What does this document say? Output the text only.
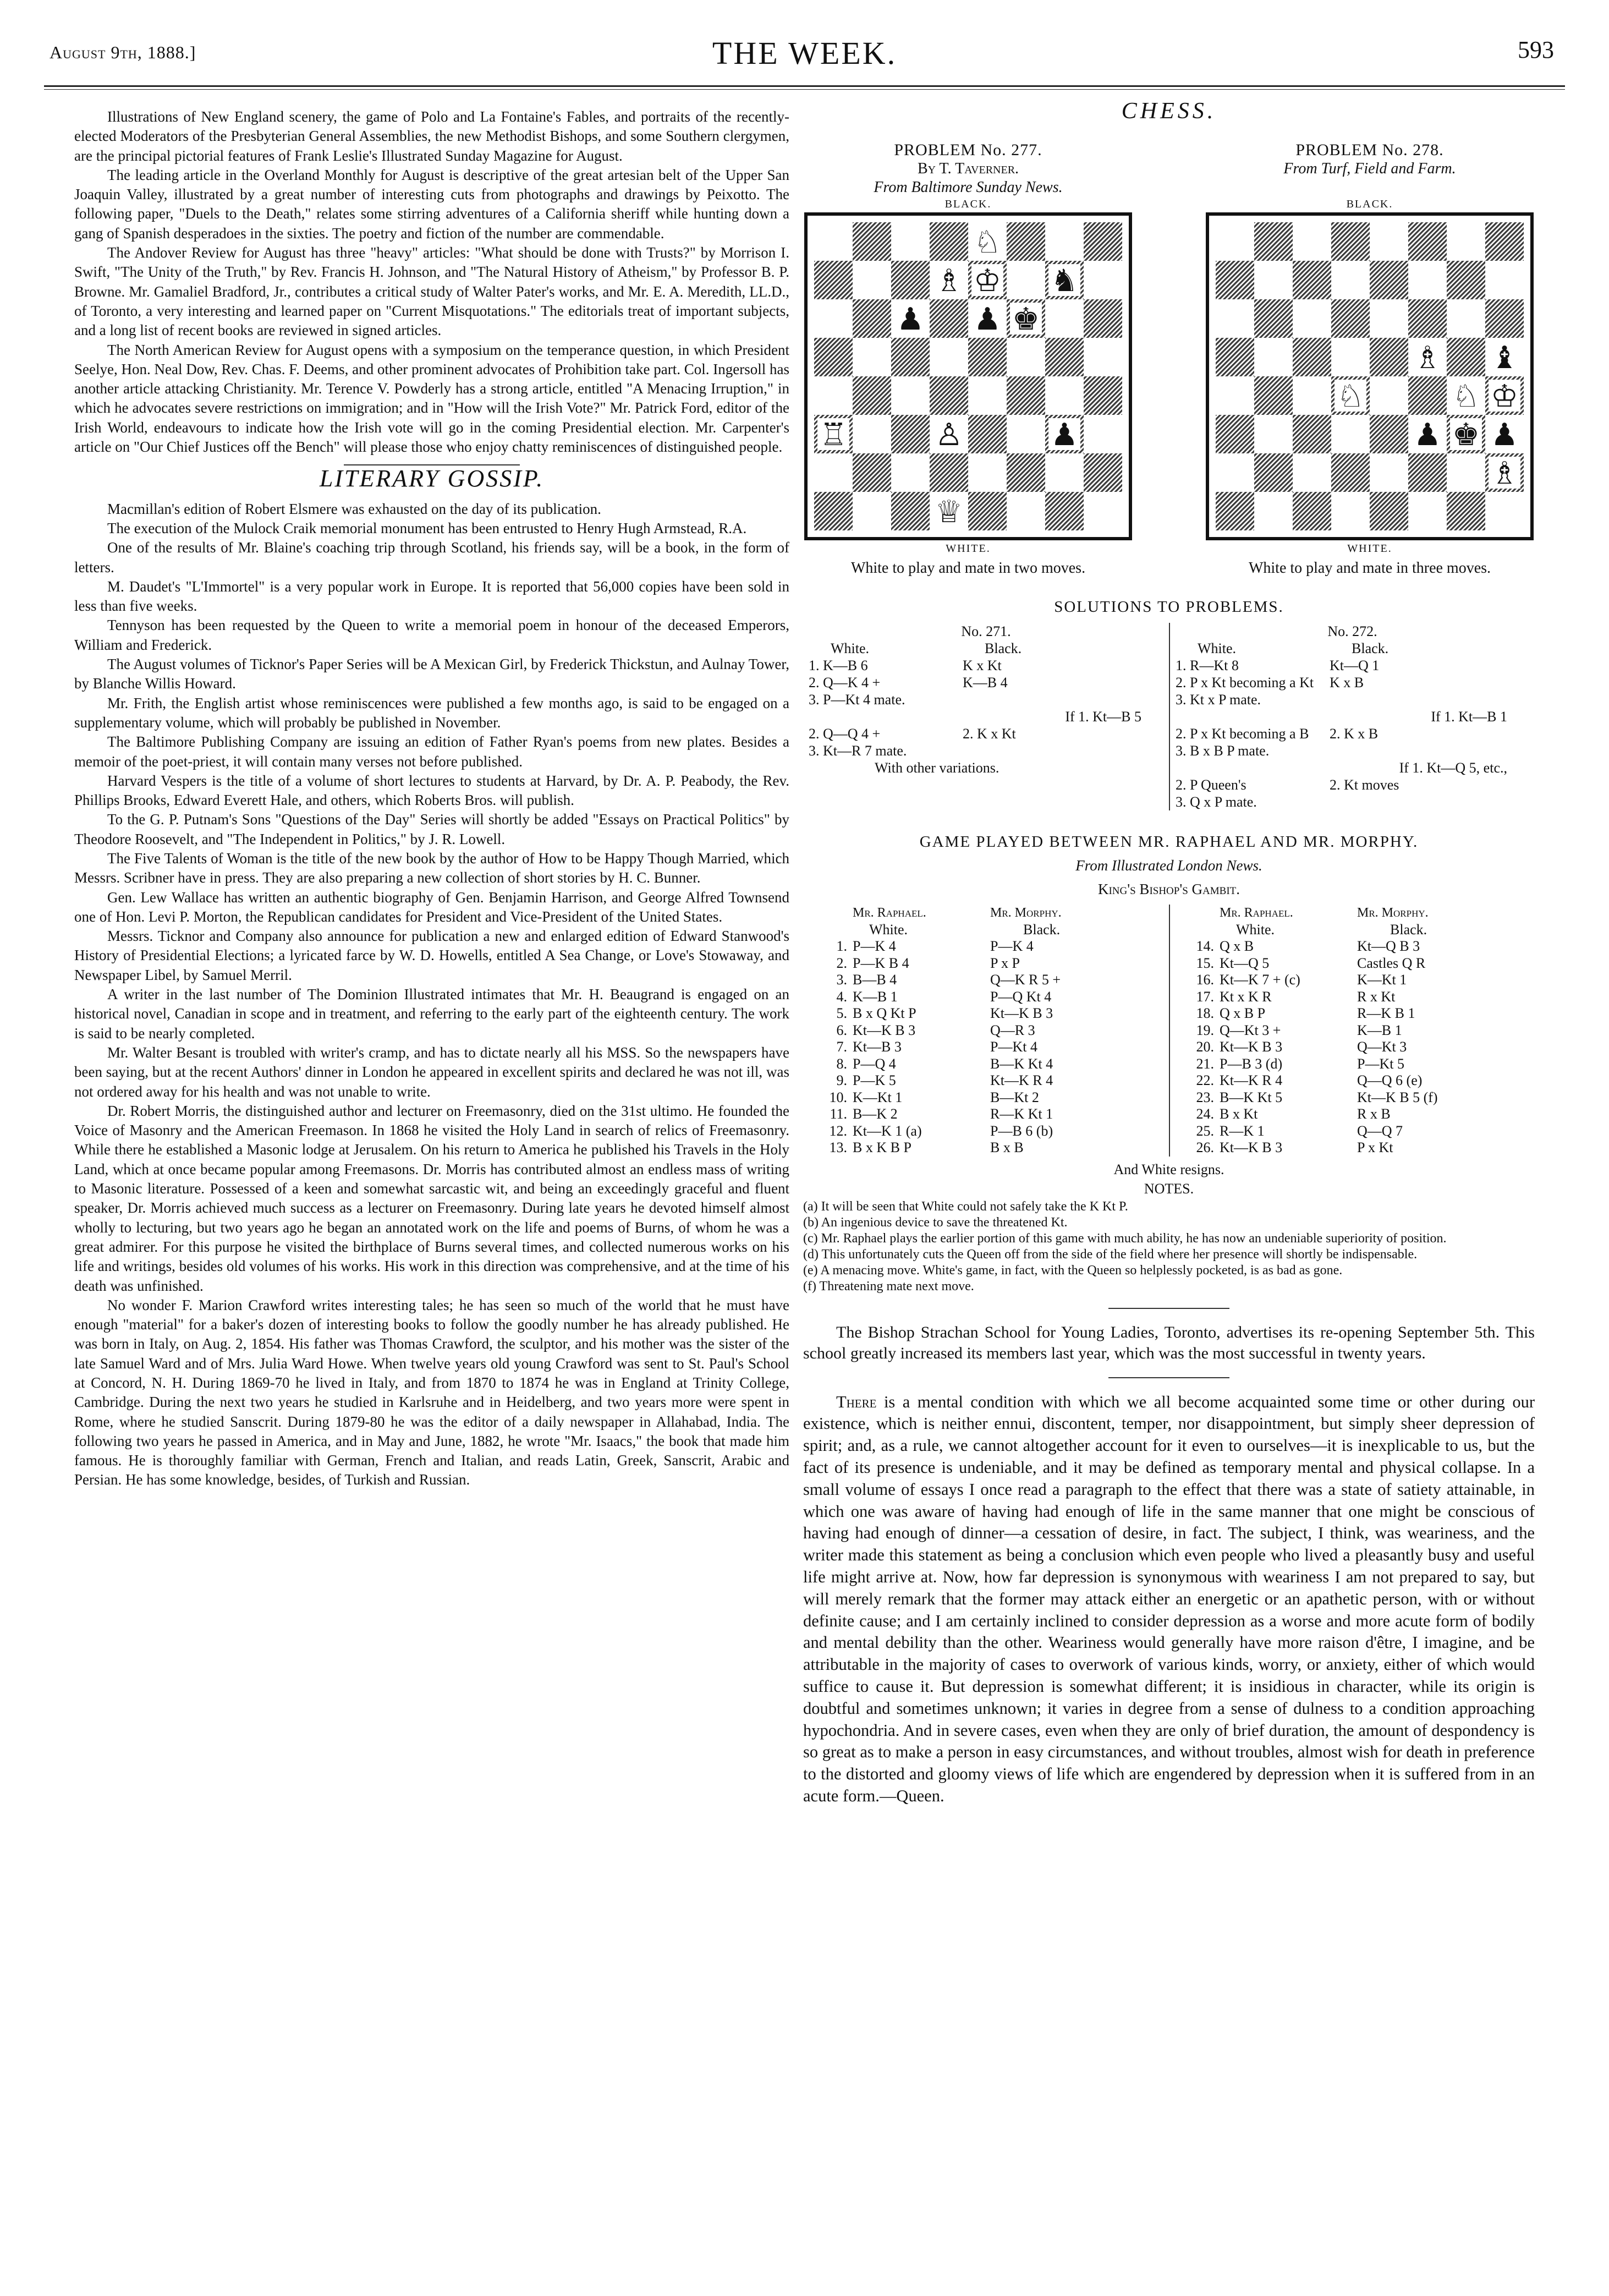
August 9th, 1888.]	THE WEEK.	593

Illustrations of New England scenery, the game of Polo and La Fontaine's Fables, and portraits of the recently-elected Moderators of the Presbyterian General Assemblies, the new Methodist Bishops, and some Southern clergymen, are the principal pictorial features of Frank Leslie's Illustrated Sunday Magazine for August.

The leading article in the Overland Monthly for August is descriptive of the great artesian belt of the Upper San Joaquin Valley, illustrated by a great number of interesting cuts from photographs and drawings by Peixotto. The following paper, "Duels to the Death," relates some stirring adventures of a California sheriff while hunting down a gang of Spanish desperadoes in the sixties. The poetry and fiction of the number are commendable.

The Andover Review for August has three "heavy" articles: "What should be done with Trusts?" by Morrison I. Swift, "The Unity of the Truth," by Rev. Francis H. Johnson, and "The Natural History of Atheism," by Professor B. P. Browne. Mr. Gamaliel Bradford, Jr., contributes a critical study of Walter Pater's works, and Mr. E. A. Meredith, LL.D., of Toronto, a very interesting and learned paper on "Current Misquotations." The editorials treat of important subjects, and a long list of recent books are reviewed in signed articles.

The North American Review for August opens with a symposium on the temperance question, in which President Seelye, Hon. Neal Dow, Rev. Chas. F. Deems, and other prominent advocates of Prohibition take part. Col. Ingersoll has another article attacking Christianity. Mr. Terence V. Powderly has a strong article, entitled "A Menacing Irruption," in which he advocates severe restrictions on immigration; and in "How will the Irish Vote?" Mr. Patrick Ford, editor of the Irish World, endeavours to indicate how the Irish vote will go in the coming Presidential election. Mr. Carpenter's article on "Our Chief Justices off the Bench" will please those who enjoy chatty reminiscences of distinguished people.

LITERARY GOSSIP.

Macmillan's edition of Robert Elsmere was exhausted on the day of its publication.

The execution of the Mulock Craik memorial monument has been entrusted to Henry Hugh Armstead, R.A.

One of the results of Mr. Blaine's coaching trip through Scotland, his friends say, will be a book, in the form of letters.

M. Daudet's "L'Immortel" is a very popular work in Europe. It is reported that 56,000 copies have been sold in less than five weeks.

Tennyson has been requested by the Queen to write a memorial poem in honour of the deceased Emperors, William and Frederick.

The August volumes of Ticknor's Paper Series will be A Mexican Girl, by Frederick Thickstun, and Aulnay Tower, by Blanche Willis Howard.

Mr. Frith, the English artist whose reminiscences were published a few months ago, is said to be engaged on a supplementary volume, which will probably be published in November.

The Baltimore Publishing Company are issuing an edition of Father Ryan's poems from new plates. Besides a memoir of the poet-priest, it will contain many verses not before published.

Harvard Vespers is the title of a volume of short lectures to students at Harvard, by Dr. A. P. Peabody, the Rev. Phillips Brooks, Edward Everett Hale, and others, which Roberts Bros. will publish.

To the G. P. Putnam's Sons "Questions of the Day" Series will shortly be added "Essays on Practical Politics" by Theodore Roosevelt, and "The Independent in Politics," by J. R. Lowell.

The Five Talents of Woman is the title of the new book by the author of How to be Happy Though Married, which Messrs. Scribner have in press. They are also preparing a new collection of short stories by H. C. Bunner.

Gen. Lew Wallace has written an authentic biography of Gen. Benjamin Harrison, and George Alfred Townsend one of Hon. Levi P. Morton, the Republican candidates for President and Vice-President of the United States.

Messrs. Ticknor and Company also announce for publication a new and enlarged edition of Edward Stanwood's History of Presidential Elections; a lyricated farce by W. D. Howells, entitled A Sea Change, or Love's Stowaway, and Newspaper Libel, by Samuel Merril.

A writer in the last number of The Dominion Illustrated intimates that Mr. H. Beaugrand is engaged on an historical novel, Canadian in scope and in treatment, and referring to the early part of the eighteenth century. The work is said to be nearly completed.

Mr. Walter Besant is troubled with writer's cramp, and has to dictate nearly all his MSS. So the newspapers have been saying, but at the recent Authors' dinner in London he appeared in excellent spirits and declared he was not ill, was not ordered away for his health and was not unable to write.

Dr. Robert Morris, the distinguished author and lecturer on Freemasonry, died on the 31st ultimo. He founded the Voice of Masonry and the American Freemason. In 1868 he visited the Holy Land in search of relics of Freemasonry. While there he established a Masonic lodge at Jerusalem. On his return to America he published his Travels in the Holy Land, which at once became popular among Freemasons. Dr. Morris has contributed almost an endless mass of writing to Masonic literature. Possessed of a keen and somewhat sarcastic wit, and being an exceedingly graceful and fluent speaker, Dr. Morris achieved much success as a lecturer on Freemasonry. During late years he devoted himself almost wholly to lecturing, but two years ago he began an annotated work on the life and poems of Burns, of whom he was a great admirer. For this purpose he visited the birthplace of Burns several times, and collected numerous works on his life and writings, besides old volumes of his works. His work in this direction was comprehensive, and at the time of his death was unfinished.

No wonder F. Marion Crawford writes interesting tales; he has seen so much of the world that he must have enough "material" for a baker's dozen of interesting books to follow the goodly number he has already published. He was born in Italy, on Aug. 2, 1854. His father was Thomas Crawford, the sculptor, and his mother was the sister of the late Samuel Ward and of Mrs. Julia Ward Howe. When twelve years old young Crawford was sent to St. Paul's School at Concord, N. H. During 1869-70 he lived in Italy, and from 1870 to 1874 he was in England at Trinity College, Cambridge. During the next two years he studied in Karlsruhe and in Heidelberg, and two years more were spent in Rome, where he studied Sanscrit. During 1879-80 he was the editor of a daily newspaper in Allahabad, India. The following two years he passed in America, and in May and June, 1882, he wrote "Mr. Isaacs," the book that made him famous. He is thoroughly familiar with German, French and Italian, and reads Latin, Greek, Sanscrit, Arabic and Persian. He has some knowledge, besides, of Turkish and Russian.

CHESS.
PROBLEM No. 277.
By T. Taverner.
From Baltimore Sunday News.
BLACK.
♘
♗ ♔ ♞
♟ ♟ ♚
♖	♙	♟
♕
WHITE.
White to play and mate in two moves.
PROBLEM No. 278.
From Turf, Field and Farm.
BLACK.
♗ ♝
♘	♘ ♔
♟ ♚ ♟
♗
WHITE.
White to play and mate in three moves.
SOLUTIONS TO PROBLEMS.
No. 271.
White.	Black.
1. K—B 6	K x Kt
2. Q—K 4 +	K—B 4
3. P—Kt 4 mate.
If 1. Kt—B 5
2. Q—Q 4 +	2. K x Kt
3. Kt—R 7 mate.
With other variations.
No. 272.
White.	Black.
1. R—Kt 8	Kt—Q 1
2. P x Kt becoming a Kt	K x B
3. Kt x P mate.
If 1. Kt—B 1
2. P x Kt becoming a B	2. K x B
3. B x B P mate.
If 1. Kt—Q 5, etc.,
2. P Queen's	2. Kt moves
3. Q x P mate.
GAME PLAYED BETWEEN MR. RAPHAEL AND MR. MORPHY.
From Illustrated London News.
King's Bishop's Gambit.
Mr. Raphael.	Mr. Morphy.
White.	Black.
1. P—K 4	P—K 4
2. P—K B 4	P x P
3. B—B 4	Q—K R 5 +
4. K—B 1	P—Q Kt 4
5. B x Q Kt P	Kt—K B 3
6. Kt—K B 3	Q—R 3
7. Kt—B 3	P—Kt 4
8. P—Q 4	B—K Kt 4
9. P—K 5	Kt—K R 4
10. K—Kt 1	B—Kt 2
11. B—K 2	R—K Kt 1
12. Kt—K 1 (a)	P—B 6 (b)
13. B x K B P	B x B
Mr. Raphael.	Mr. Morphy.
White.	Black.
14. Q x B	Kt—Q B 3
15. Kt—Q 5	Castles Q R
16. Kt—K 7 + (c)	K—Kt 1
17. Kt x K R	R x Kt
18. Q x B P	R—K B 1
19. Q—Kt 3 +	K—B 1
20. Kt—K B 3	Q—Kt 3
21. P—B 3 (d)	P—Kt 5
22. Kt—K R 4	Q—Q 6 (e)
23. B—K Kt 5	Kt—K B 5 (f)
24. B x Kt	R x B
25. R—K 1	Q—Q 7
26. Kt—K B 3	P x Kt
And White resigns.
NOTES.
(a) It will be seen that White could not safely take the K Kt P.
(b) An ingenious device to save the threatened Kt.
(c) Mr. Raphael plays the earlier portion of this game with much ability, he has now an undeniable superiority of position.
(d) This unfortunately cuts the Queen off from the side of the field where her presence will shortly be indispensable.
(e) A menacing move. White's game, in fact, with the Queen so helplessly pocketed, is as bad as gone.
(f) Threatening mate next move.

The Bishop Strachan School for Young Ladies, Toronto, advertises its re-opening September 5th. This school greatly increased its members last year, which was the most successful in twenty years.

There is a mental condition with which we all become acquainted some time or other during our existence, which is neither ennui, discontent, temper, nor disappointment, but simply sheer depression of spirit; and, as a rule, we cannot altogether account for it even to ourselves—it is inexplicable to us, but the fact of its presence is undeniable, and it may be defined as temporary mental and physical collapse. In a small volume of essays I once read a paragraph to the effect that there was a state of satiety attainable, in which one was aware of having had enough of life in the same manner that one might be conscious of having had enough of dinner—a cessation of desire, in fact. The subject, I think, was weariness, and the writer made this statement as being a conclusion which even people who lived a pleasantly busy and useful life might arrive at. Now, how far depression is synonymous with weariness I am not prepared to say, but will merely remark that the former may attack either an energetic or an apathetic person, with or without definite cause; and I am certainly inclined to consider depression as a worse and more acute form of bodily and mental debility than the other. Weariness would generally have more raison d'être, I imagine, and be attributable in the majority of cases to overwork of various kinds, worry, or anxiety, either of which would suffice to cause it. But depression is somewhat different; it is insidious in character, while its origin is doubtful and sometimes unknown; it varies in degree from a sense of dulness to a condition approaching hypochondria. And in severe cases, even when they are only of brief duration, the amount of despondency is so great as to make a person in easy circumstances, and without troubles, almost wish for death in preference to the distorted and gloomy views of life which are engendered by depression when it is suffered from in an acute form.—Queen.
